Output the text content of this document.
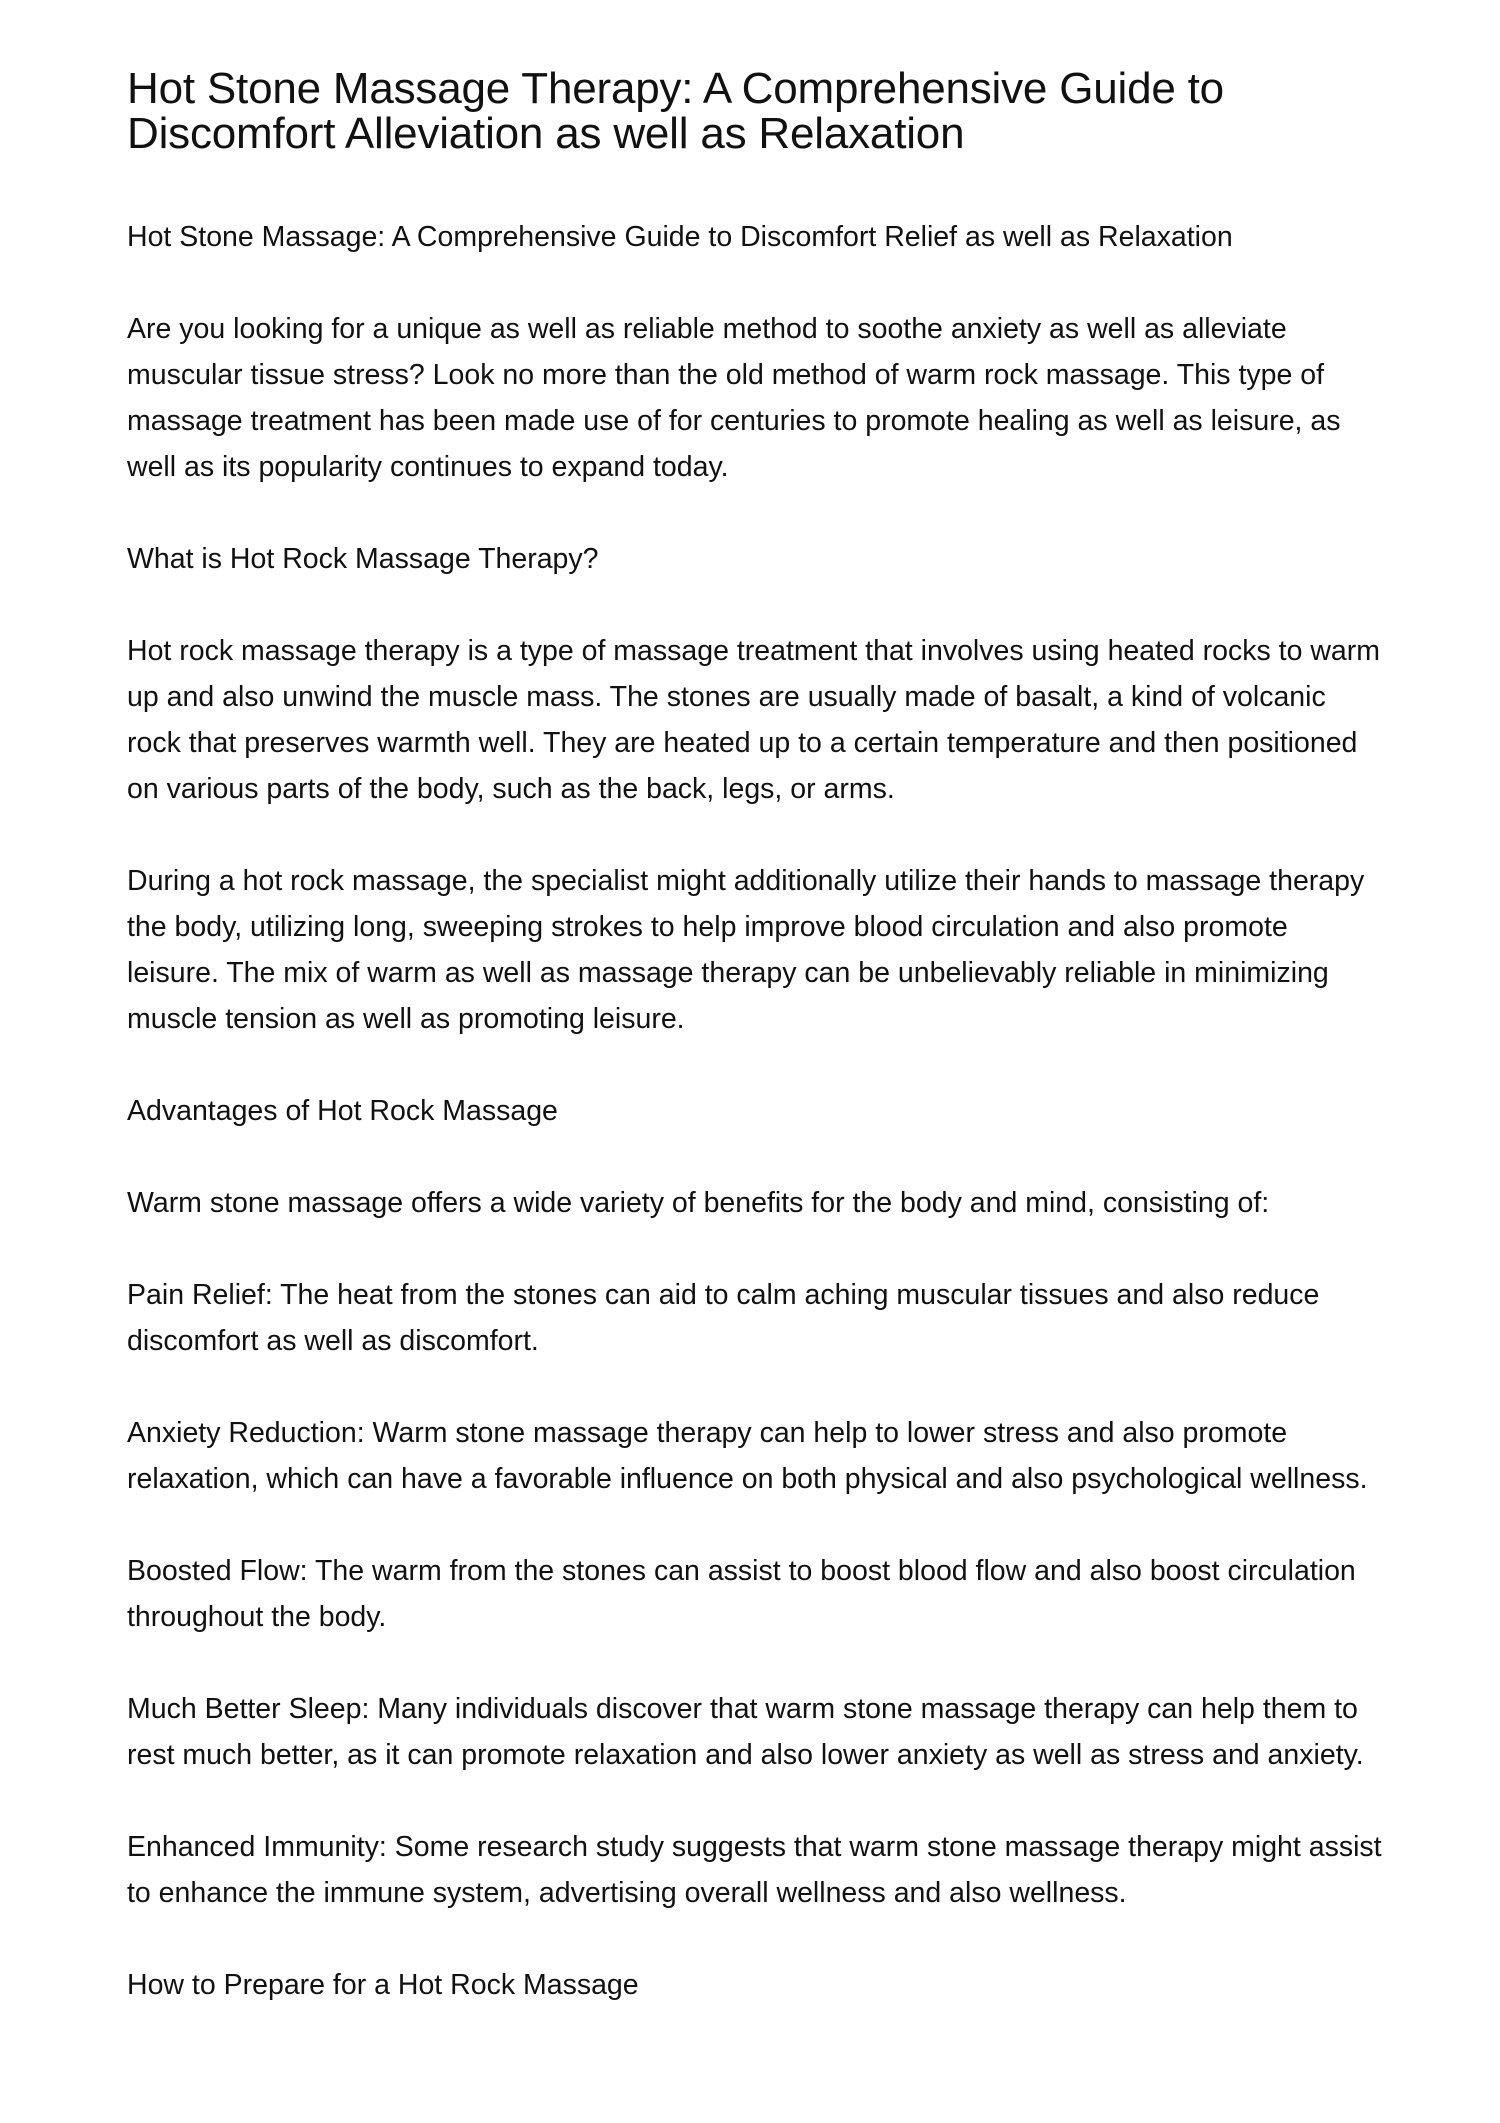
Hot Stone Massage Therapy: A Comprehensive Guide to Discomfort Alleviation as well as Relaxation

Hot Stone Massage: A Comprehensive Guide to Discomfort Relief as well as Relaxation

Are you looking for a unique as well as reliable method to soothe anxiety as well as alleviate muscular tissue stress? Look no more than the old method of warm rock massage. This type of massage treatment has been made use of for centuries to promote healing as well as leisure, as well as its popularity continues to expand today.

What is Hot Rock Massage Therapy?

Hot rock massage therapy is a type of massage treatment that involves using heated rocks to warm up and also unwind the muscle mass. The stones are usually made of basalt, a kind of volcanic rock that preserves warmth well. They are heated up to a certain temperature and then positioned on various parts of the body, such as the back, legs, or arms.

During a hot rock massage, the specialist might additionally utilize their hands to massage therapy the body, utilizing long, sweeping strokes to help improve blood circulation and also promote leisure. The mix of warm as well as massage therapy can be unbelievably reliable in minimizing muscle tension as well as promoting leisure.

Advantages of Hot Rock Massage

Warm stone massage offers a wide variety of benefits for the body and mind, consisting of:

Pain Relief: The heat from the stones can aid to calm aching muscular tissues and also reduce discomfort as well as discomfort.

Anxiety Reduction: Warm stone massage therapy can help to lower stress and also promote relaxation, which can have a favorable influence on both physical and also psychological wellness.

Boosted Flow: The warm from the stones can assist to boost blood flow and also boost circulation throughout the body.

Much Better Sleep: Many individuals discover that warm stone massage therapy can help them to rest much better, as it can promote relaxation and also lower anxiety as well as stress and anxiety.

Enhanced Immunity: Some research study suggests that warm stone massage therapy might assist to enhance the immune system, advertising overall wellness and also wellness.

How to Prepare for a Hot Rock Massage
